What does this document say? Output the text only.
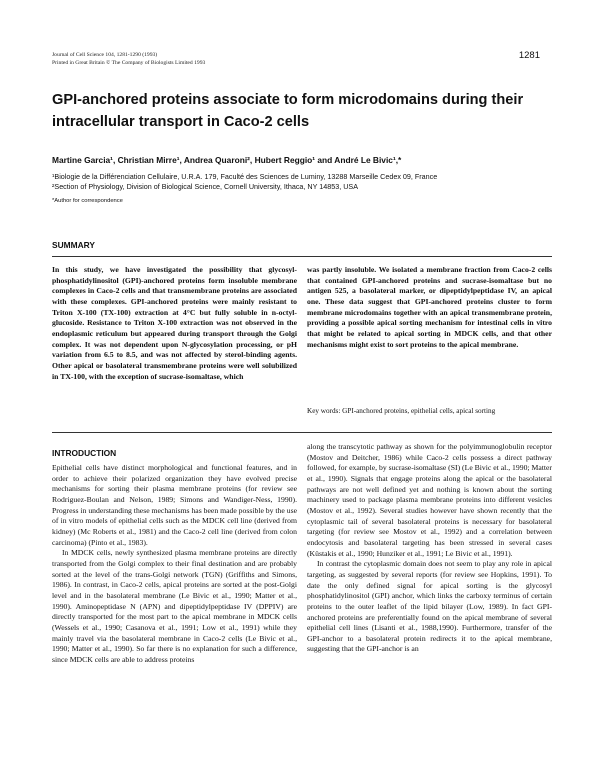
Journal of Cell Science 104, 1281-1290 (1993)
Printed in Great Britain © The Company of Biologists Limited 1993
1281
GPI-anchored proteins associate to form microdomains during their intracellular transport in Caco-2 cells
Martine Garcia¹, Christian Mirre¹, Andrea Quaroni², Hubert Reggio¹ and André Le Bivic¹,*
¹Biologie de la Différenciation Cellulaire, U.R.A. 179, Faculté des Sciences de Luminy, 13288 Marseille Cedex 09, France
²Section of Physiology, Division of Biological Science, Cornell University, Ithaca, NY 14853, USA
*Author for correspondence
SUMMARY
In this study, we have investigated the possibility that glycosyl-phosphatidylinositol (GPI)-anchored proteins form insoluble membrane complexes in Caco-2 cells and that transmembrane proteins are associated with these complexes. GPI-anchored proteins were mainly resistant to Triton X-100 (TX-100) extraction at 4°C but fully soluble in n-octyl-glucoside. Resistance to Triton X-100 extraction was not observed in the endoplasmic reticulum but appeared during transport through the Golgi complex. It was not dependent upon N-glycosylation processing, or pH variation from 6.5 to 8.5, and was not affected by sterol-binding agents. Other apical or basolateral transmembrane proteins were well solubilized in TX-100, with the exception of sucrase-isomaltase, which
was partly insoluble. We isolated a membrane fraction from Caco-2 cells that contained GPI-anchored proteins and sucrase-isomaltase but no antigen 525, a basolateral marker, or dipeptidylpeptidase IV, an apical one. These data suggest that GPI-anchored proteins cluster to form membrane microdomains together with an apical transmembrane protein, providing a possible apical sorting mechanism for intestinal cells in vitro that might be related to apical sorting in MDCK cells, and that other mechanisms might exist to sort proteins to the apical membrane.
Key words: GPI-anchored proteins, epithelial cells, apical sorting
INTRODUCTION

Epithelial cells have distinct morphological and functional features, and in order to achieve their polarized organization they have evolved precise mechanisms for sorting their plasma membrane proteins (for review see Rodriguez-Boulan and Nelson, 1989; Simons and Wandiger-Ness, 1990). Progress in understanding these mechanisms has been made possible by the use of in vitro models of epithelial cells such as the MDCK cell line (derived from kidney) (Mc Roberts et al., 1981) and the Caco-2 cell line (derived from colon carcinoma) (Pinto et al., 1983).

In MDCK cells, newly synthesized plasma membrane proteins are directly transported from the Golgi complex to their final destination and are probably sorted at the level of the trans-Golgi network (TGN) (Griffiths and Simons, 1986). In contrast, in Caco-2 cells, apical proteins are sorted at the post-Golgi level and in the basolateral membrane (Le Bivic et al., 1990; Matter et al., 1990). Aminopeptidase N (APN) and dipeptidylpeptidase IV (DPPIV) are directly transported for the most part to the apical membrane in MDCK cells (Wessels et al., 1990; Casanova et al., 1991; Low et al., 1991) while they mainly travel via the basolateral membrane in Caco-2 cells (Le Bivic et al., 1990; Matter et al., 1990). So far there is no explanation for such a difference, since MDCK cells are able to address proteins

along the transcytotic pathway as shown for the polyimmunoglobulin receptor (Mostov and Deitcher, 1986) while Caco-2 cells possess a direct pathway followed, for example, by sucrase-isomaltase (SI) (Le Bivic et al., 1990; Matter et al., 1990). Signals that engage proteins along the apical or the basolateral pathways are not well defined yet and nothing is known about the sorting machinery used to package plasma membrane proteins into different vesicles (Mostov et al., 1992). Several studies however have shown recently that the cytoplasmic tail of several basolateral proteins is necessary for basolateral targeting (for review see Mostov et al., 1992) and a correlation between endocytosis and basolateral targeting has been stressed in several cases (Küstakis et al., 1990; Hunziker et al., 1991; Le Bivic et al., 1991).

In contrast the cytoplasmic domain does not seem to play any role in apical targeting, as suggested by several reports (for review see Hopkins, 1991). To date the only defined signal for apical sorting is the glycosyl phosphatidylinositol (GPI) anchor, which links the carboxy terminus of certain proteins to the outer leaflet of the lipid bilayer (Low, 1989). In fact GPI-anchored proteins are preferentially found on the apical membrane of several epithelial cell lines (Lisanti et al., 1988,1990). Furthermore, transfer of the GPI-anchor to a basolateral protein redirects it to the apical membrane, suggesting that the GPI-anchor is an
